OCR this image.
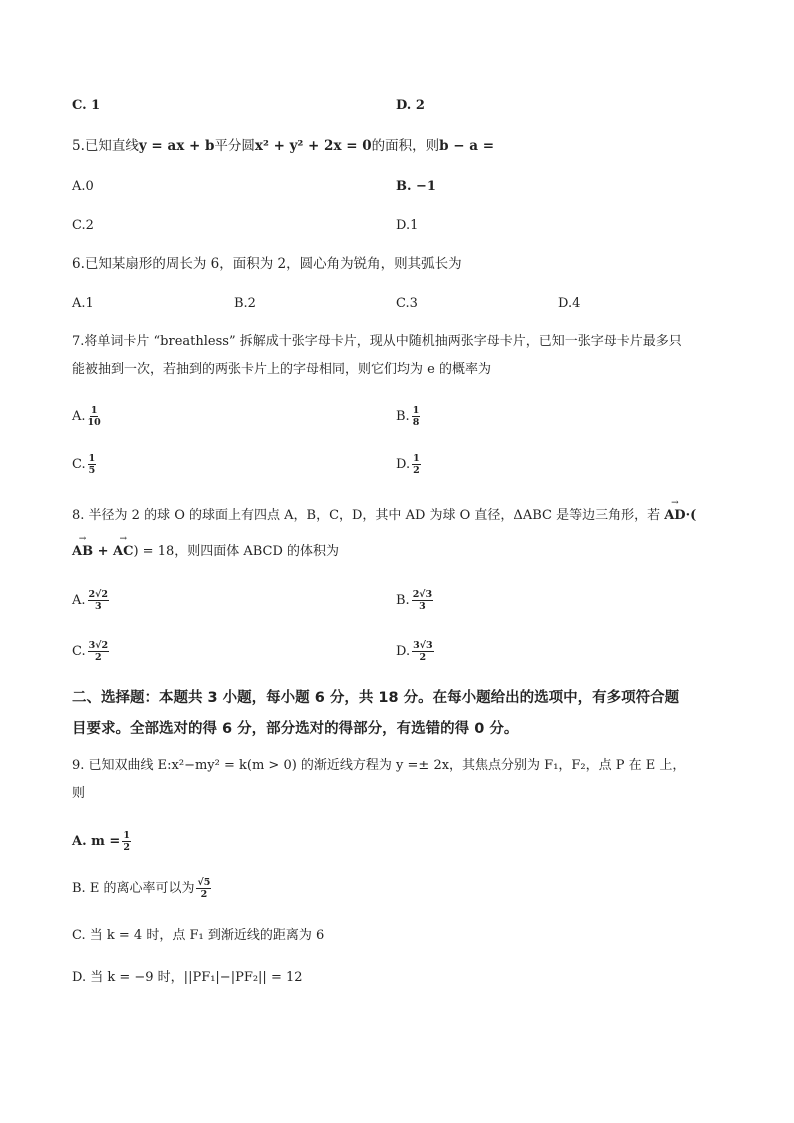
C. 1	D. 2
5.已知直线y = ax + b平分圆x² + y² + 2x = 0的面积，则b − a =
A.0	B. −1
C.2	D.1
6.已知某扇形的周长为 6，面积为 2，圆心角为锐角，则其弧长为
A.1	B.2	C.3	D.4
7.将单词卡片 “breathless” 拆解成十张字母卡片，现从中随机抽两张字母卡片，已知一张字母卡片最多只
能被抽到一次，若抽到的两张卡片上的字母相同，则它们均为 e 的概率为
A. $\frac{1}{10}$	B. $\frac{1}{8}$
C. $\frac{1}{5}$	D. $\frac{1}{2}$
8. 半径为 2 的球 O 的球面上有四点 A，B，C，D，其中 AD 为球 O 直径，ΔABC 是等边三角形，若 → AD·(
→ AB + → AC) = 18，则四面体 ABCD 的体积为
A. $\frac{2√2}{3}$	B. $\frac{2√3}{3}$
C. $\frac{3√2}{2}$	D. $\frac{3√3}{2}$
二、选择题：本题共 3 小题，每小题 6 分，共 18 分。在每小题给出的选项中，有多项符合题
目要求。全部选对的得 6 分，部分选对的得部分，有选错的得 0 分。
9. 已知双曲线 E:x²−my² = k(m > 0) 的渐近线方程为 y =± 2x，其焦点分别为 F₁，F₂，点 P 在 E 上，
则
A. $m = \frac{1}{2}$
B. E 的离心率可以为 $\frac{√5}{2}$
C. 当 k = 4 时，点 F₁ 到渐近线的距离为 6
D. 当 k = −9 时，||PF₁|−|PF₂|| = 12
